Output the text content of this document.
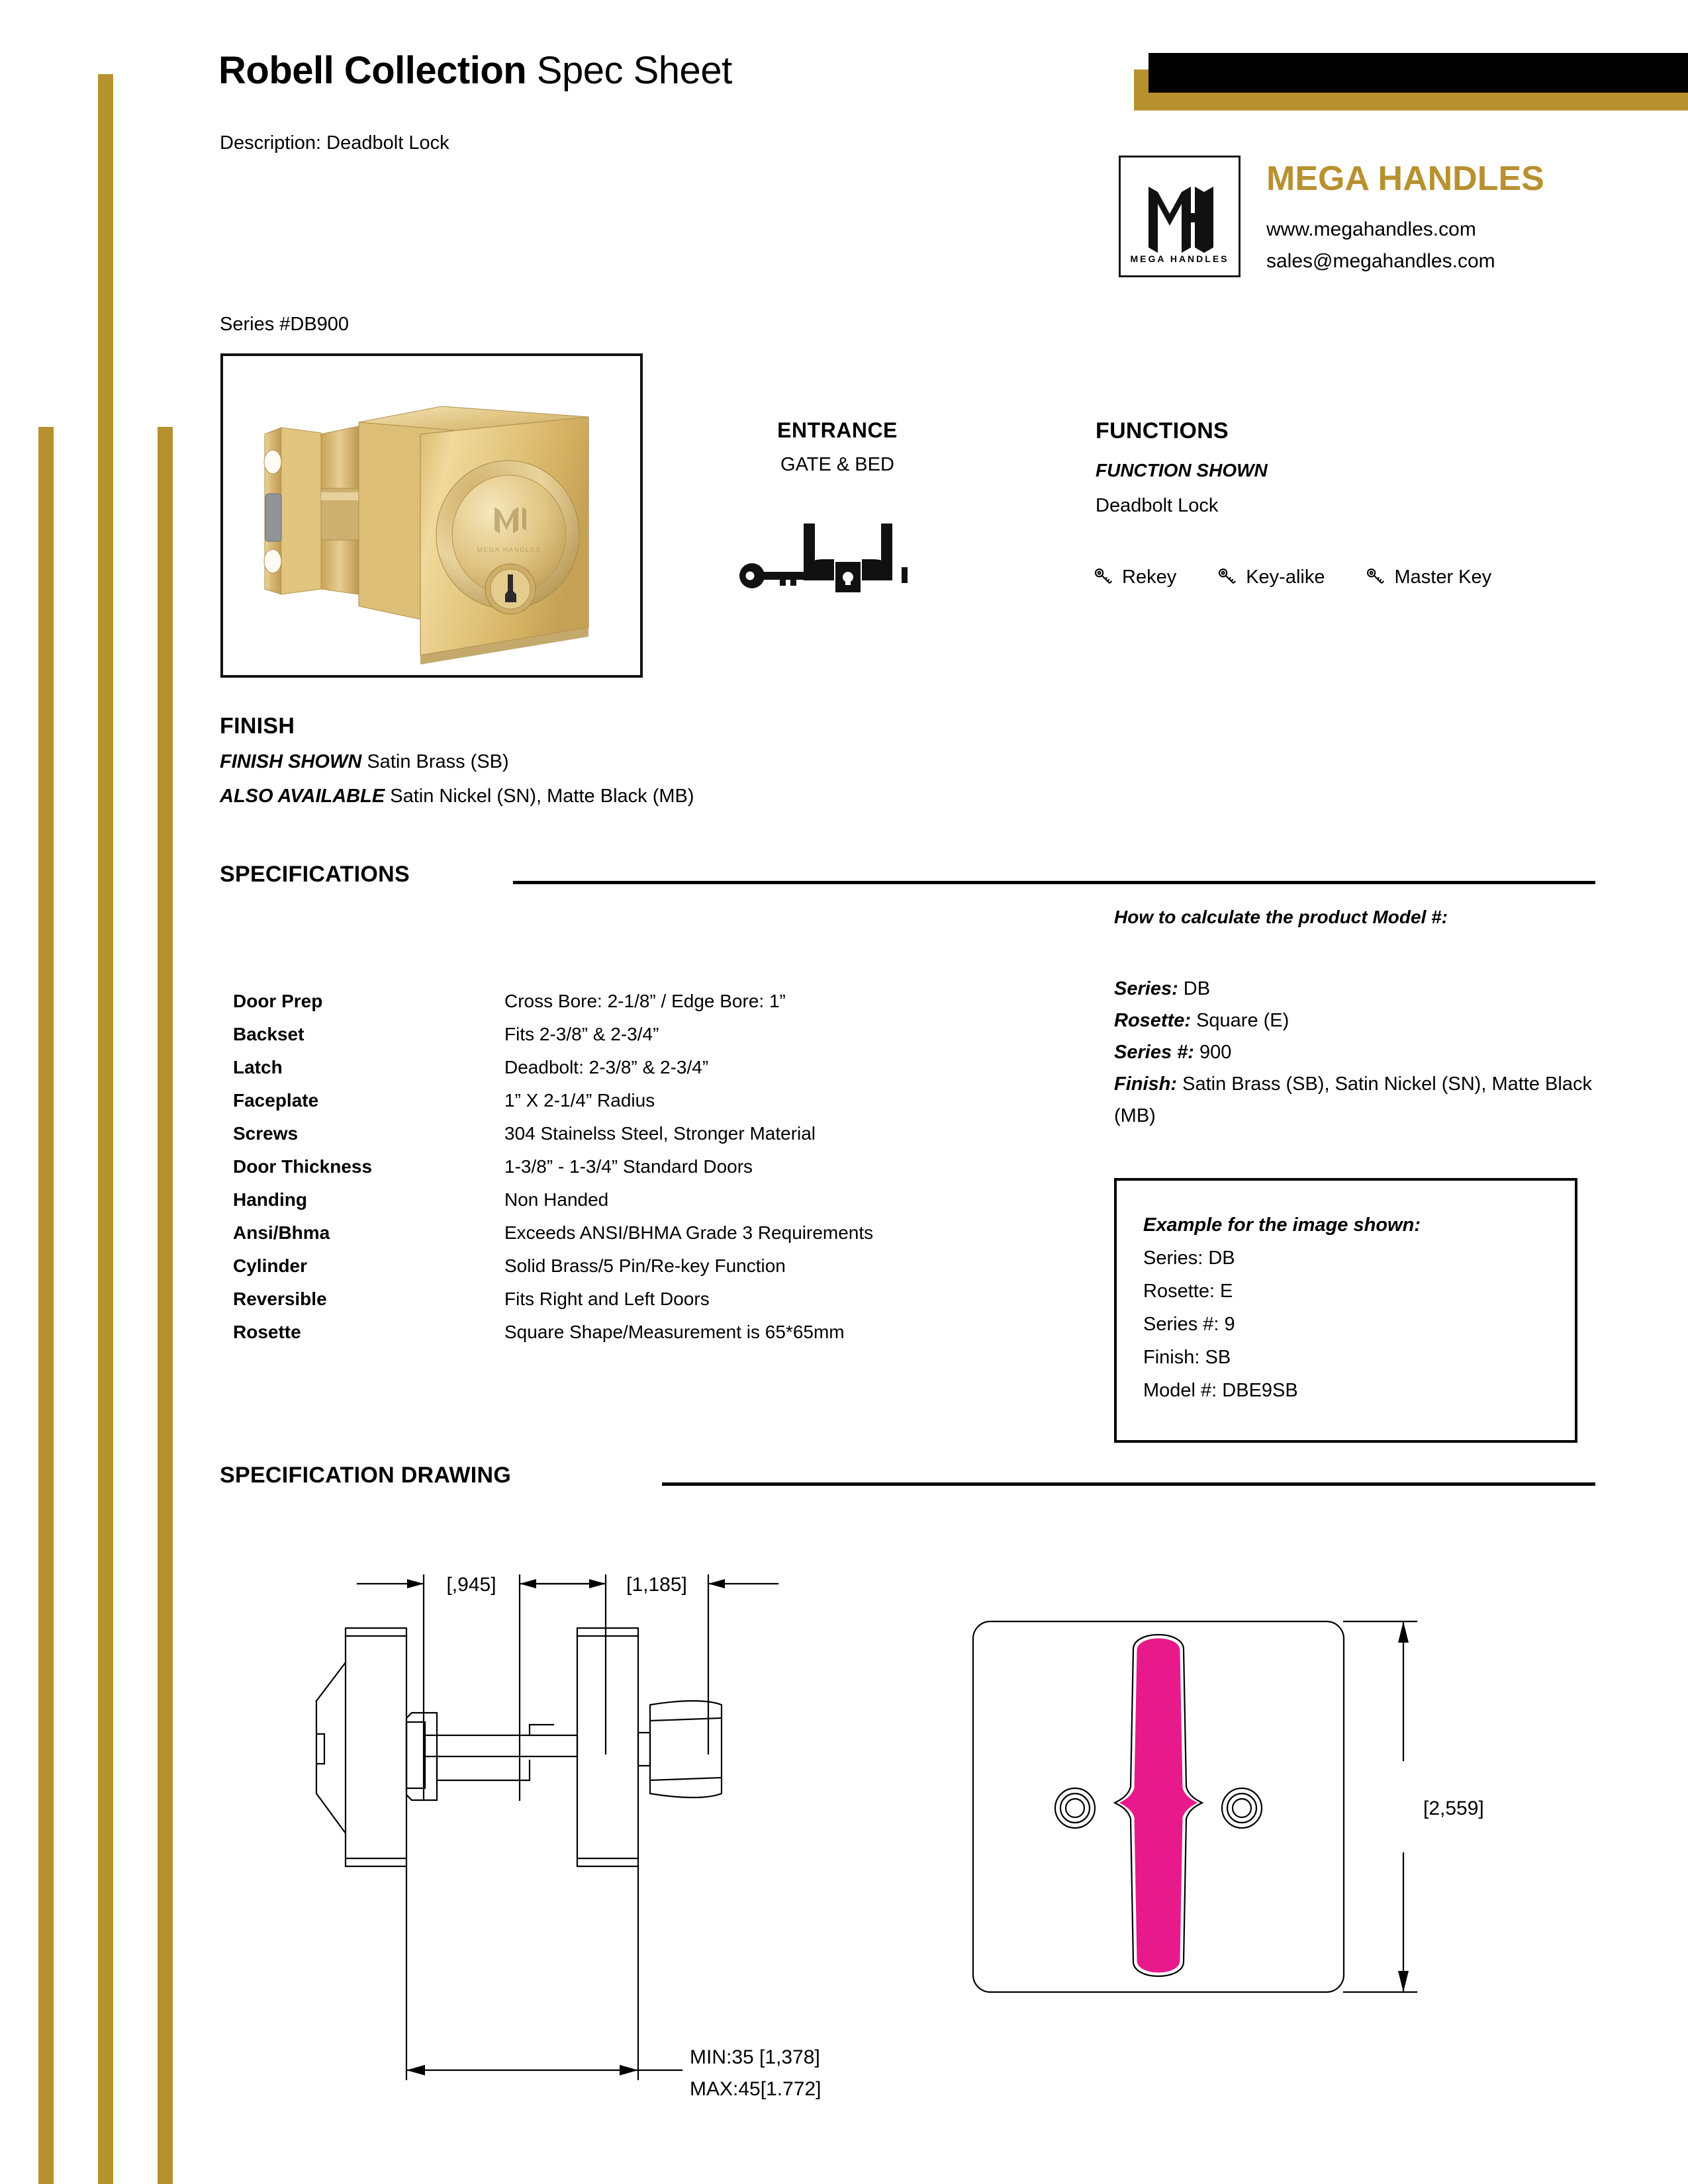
Robell Collection Spec Sheet
Description: Deadbolt Lock
MEGA HANDLES
MEGA HANDLES
www.megahandles.com
sales@megahandles.com
Series #DB900
MEGA HANDLES
ENTRANCE
GATE & BED
FUNCTIONS
FUNCTION SHOWN
Deadbolt Lock
Rekey	Key-alike	Master Key
FINISH
FINISH SHOWN Satin Brass (SB)
ALSO AVAILABLE Satin Nickel (SN), Matte Black (MB)
SPECIFICATIONS
Door Prep	Cross Bore: 2-1/8” / Edge Bore: 1”
Backset	Fits 2-3/8” & 2-3/4”
Latch	Deadbolt: 2-3/8” & 2-3/4”
Faceplate	1” X 2-1/4” Radius
Screws	304 Stainelss Steel, Stronger Material
Door Thickness	1-3/8” - 1-3/4” Standard Doors
Handing	Non Handed
Ansi/Bhma	Exceeds ANSI/BHMA Grade 3 Requirements
Cylinder	Solid Brass/5 Pin/Re-key Function
Reversible	Fits Right and Left Doors
Rosette	Square Shape/Measurement is 65*65mm
How to calculate the product Model #:
Series: DB
Rosette: Square (E)
Series #: 900
Finish: Satin Brass (SB), Satin Nickel (SN), Matte Black (MB)
Example for the image shown:
Series: DB
Rosette: E
Series #: 9
Finish: SB
Model #: DBE9SB
SPECIFICATION DRAWING
[,945]	[1,185]
MIN:35 [1,378]
MAX:45[1.772]
[2,559]
